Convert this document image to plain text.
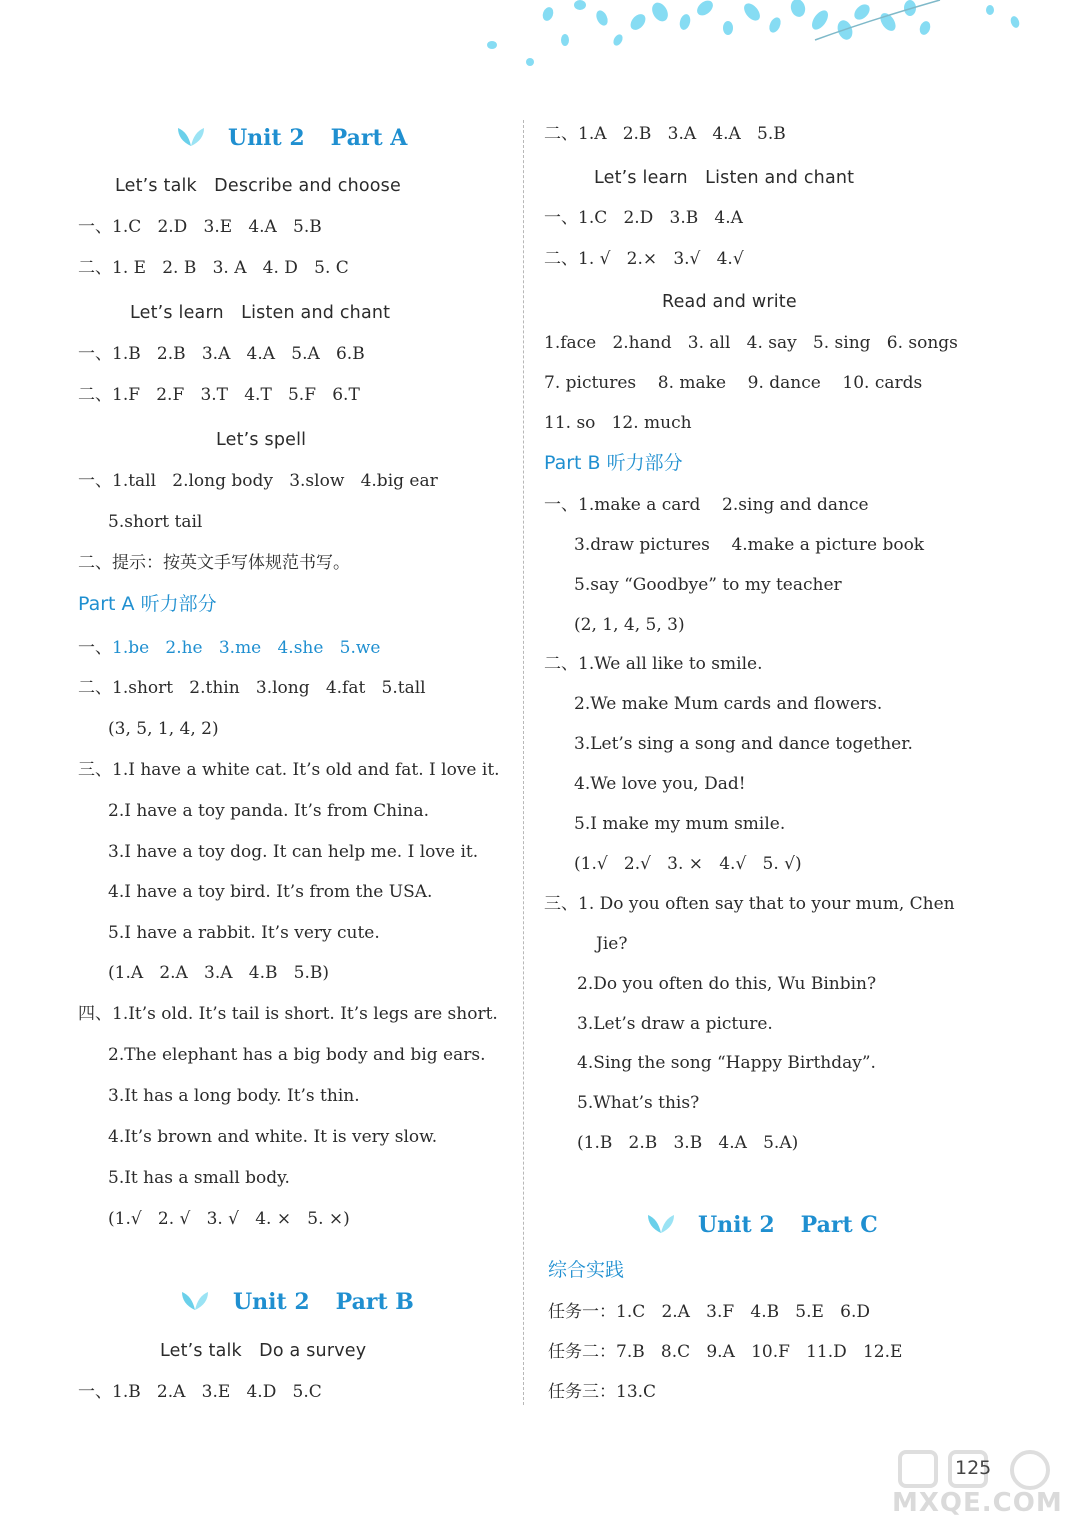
Unit 2 Part A
Let’s talk   Describe and choose
一、1.C   2.D   3.E   4.A   5.B
二、1. E   2. B   3. A   4. D   5. C
Let’s learn   Listen and chant
一、1.B   2.B   3.A   4.A   5.A   6.B
二、1.F   2.F   3.T   4.T   5.F   6.T
Let’s spell
一、1.tall   2.long body   3.slow   4.big ear
5.short tail
二、提示：按英文手写体规范书写。
Part A 听力部分
一、1.be 2.he 3.me 4.she 5.we
二、1.short   2.thin   3.long   4.fat   5.tall
(3, 5, 1, 4, 2)
三、1.I have a white cat. It’s old and fat. I love it.
2.I have a toy panda. It’s from China.
3.I have a toy dog. It can help me. I love it.
4.I have a toy bird. It’s from the USA.
5.I have a rabbit. It’s very cute.
(1.A   2.A   3.A   4.B   5.B)
四、1.It’s old. It’s tail is short. It’s legs are short.
2.The elephant has a big body and big ears.
3.It has a long body. It’s thin.
4.It’s brown and white. It is very slow.
5.It has a small body.
(1.√   2. √   3. √   4. ×   5. ×)
Unit 2 Part B
Let’s talk   Do a survey
一、1.B   2.A   3.E   4.D   5.C
二、1.A   2.B   3.A   4.A   5.B
Let’s learn   Listen and chant
一、1.C   2.D   3.B   4.A
二、1. √   2.×   3.√   4.√
Read and write
1.face   2.hand   3. all   4. say   5. sing   6. songs
7. pictures    8. make    9. dance    10. cards
11. so   12. much
Part B 听力部分
一、1.make a card    2.sing and dance
3.draw pictures    4.make a picture book
5.say “Goodbye” to my teacher
(2, 1, 4, 5, 3)
二、1.We all like to smile.
2.We make Mum cards and flowers.
3.Let’s sing a song and dance together.
4.We love you, Dad!
5.I make my mum smile.
(1.√   2.√   3. ×   4.√   5. √)
三、1. Do you often say that to your mum, Chen
Jie?
2.Do you often do this, Wu Binbin?
3.Let’s draw a picture.
4.Sing the song “Happy Birthday”.
5.What’s this?
(1.B   2.B   3.B   4.A   5.A)
Unit 2 Part C
综合实践
任务一：1.C   2.A   3.F   4.B   5.E   6.D
任务二：7.B   8.C   9.A   10.F   11.D   12.E
任务三：13.C
MXQE.COM
125
